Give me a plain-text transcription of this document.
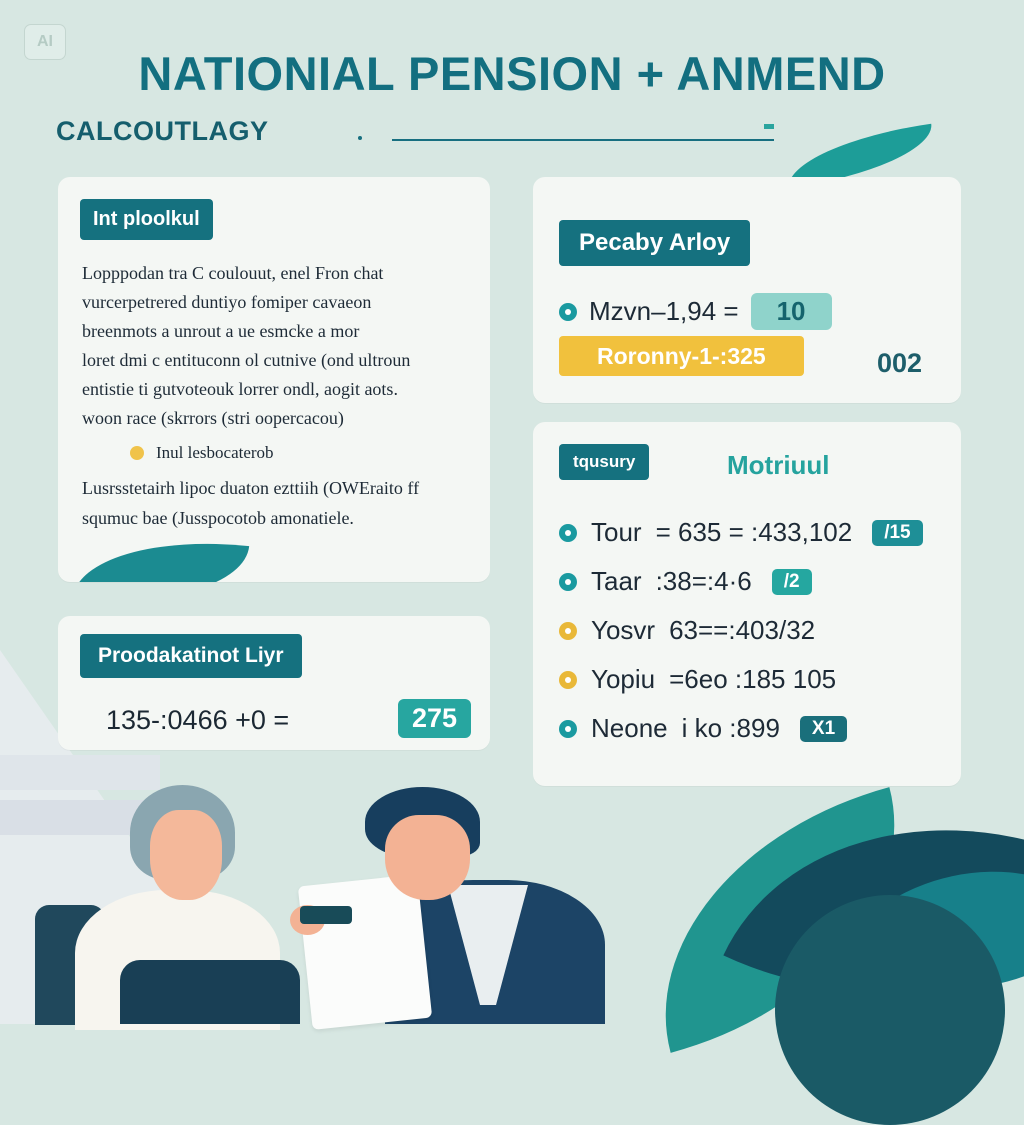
AI
NATIONIAL PENSION + ANMEND
CALCOUTLAGY
Int ploolkul
Lopppodan tra C coulouut, enel Fron chat
vurcerpetrered duntiyo fomiper cavaeon
breenmots a unrout a ue esmcke a mor
loret dmi c entituconn ol cutnive (ond ultroun
entistie ti gutvoteouk lorrer ondl, aogit aots.
woon race (skrrors (stri oopercacou)
Inul lesbocaterob
Lusrsstetairh lipoc duaton ezttiih (OWEraito ff
squmuc bae (Jusspocotob amonatiele.
Proodakatinot Liyr
135-:0466 +0 =	275
Pecaby Arloy
Mzvn–1,94 =	10
Roronny-1-:325	002
tqusury	Motriuul
Tour = 635 = :433,102	/15
Taar :38=:4·6	/2
Yosvr 63==:403/32
Yopiu =6eo :185 105
Neone i ko :899	X1
